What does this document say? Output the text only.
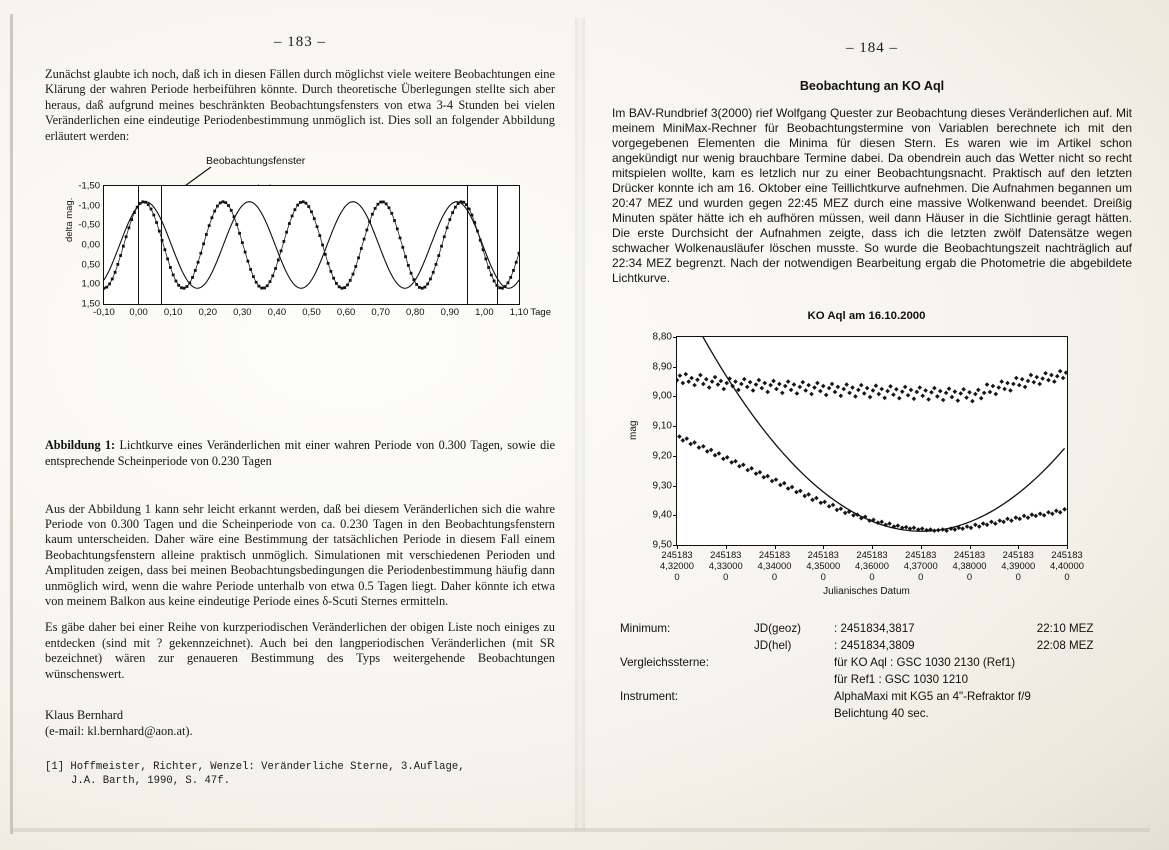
– 183 –

Zunächst glaubte ich noch, daß ich in diesen Fällen durch möglichst viele weitere Beobachtungen eine Klärung der wahren Periode herbeiführen könnte. Durch theoretische Überlegungen stellte sich aber heraus, daß aufgrund meines beschränkten Beobachtungsfensters von etwa 3-4 Stunden bei vielen Veränderlichen eine eindeutige Periodenbestimmung unmöglich ist. Dies soll an folgender Abbildung erläutert werden:

Beobachtungsfenster
delta mag.
-1,50
-1,00
-0,50
0,00
0,50
1,00
1,50
-0,10 0,00 0,10 0,20 0,30 0,40 0,50 0,60 0,70 0,80 0,90 1,00 1,10 Tage

Abbildung 1: Lichtkurve eines Veränderlichen mit einer wahren Periode von 0.300 Tagen, sowie die entsprechende Scheinperiode von 0.230 Tagen

Aus der Abbildung 1 kann sehr leicht erkannt werden, daß bei diesem Veränderlichen sich die wahre Periode von 0.300 Tagen und die Scheinperiode von ca. 0.230 Tagen in den Beobachtungsfenstern kaum unterscheiden. Daher wäre eine Bestimmung der tatsächlichen Periode in diesem Fall einem Beobachtungsfenstern alleine praktisch unmöglich. Simulationen mit verschiedenen Perioden und Amplituden zeigen, dass bei meinen Beobachtungsbedingungen die Periodenbestimmung häufig dann unmöglich wird, wenn die wahre Periode unterhalb von etwa 0.5 Tagen liegt. Daher könnte ich etwa von meinem Balkon aus keine eindeutige Periode eines δ-Scuti Sternes ermitteln.

Es gäbe daher bei einer Reihe von kurzperiodischen Veränderlichen der obigen Liste noch einiges zu entdecken (sind mit ? gekennzeichnet). Auch bei den langperiodischen Veränderlichen (mit SR bezeichnet) wären zur genaueren Bestimmung des Typs weitergehende Beobachtungen wünschenswert.

Klaus Bernhard
(e-mail: kl.bernhard@aon.at).
[1] Hoffmeister, Richter, Wenzel: Veränderliche Sterne, 3.Auflage,
J.A. Barth, 1990, S. 47f.
– 184 –
Beobachtung an KO Aql

Im BAV-Rundbrief 3(2000) rief Wolfgang Quester zur Beobachtung dieses Veränderlichen auf. Mit meinem MiniMax-Rechner für Beobachtungstermine von Variablen berechnete ich mit den vorgegebenen Elementen die Minima für diesen Stern. Es waren wie im Artikel schon angekündigt nur wenig brauchbare Termine dabei. Da obendrein auch das Wetter nicht so recht mitspielen wollte, kam es letzlich nur zu einer Beobachtungsnacht. Praktisch auf den letzten Drücker konnte ich am 16. Oktober eine Teillichtkurve aufnehmen. Die Aufnahmen begannen um 20:47 MEZ und wurden gegen 22:45 MEZ durch eine massive Wolkenwand beendet. Dreißig Minuten später hätte ich eh aufhören müssen, weil dann Häuser in die Sichtlinie geragt hätten. Die erste Durchsicht der Aufnahmen zeigte, dass ich die letzten zwölf Datensätze wegen schwacher Wolkenausläufer löschen musste. So wurde die Beobachtungszeit nachträglich auf 22:34 MEZ begrenzt. Nach der notwendigen Bearbeitung ergab die Photometrie die abgebildete Lichtkurve.

KO Aql am 16.10.2000
mag
Julianisches Datum
8,80
8,90
9,00
9,10
9,20
9,30
9,40
9,50
245183
4,32000
0
245183
4,33000
0
245183
4,34000
0
245183
4,35000
0
245183
4,36000
0
245183
4,37000
0
245183
4,38000
0
245183
4,39000
0
245183
4,40000
0
Minimum:	JD(geoz)	: 2451834,3817	22:10 MEZ
	JD(hel)	: 2451834,3809	22:08 MEZ
Vergleichssterne:		für KO Aql : GSC 1030 2130 (Ref1)	
		für Ref1 : GSC 1030 1210	
Instrument:		AlphaMaxi mit KG5 an 4"-Refraktor f/9	
		Belichtung 40 sec.	
